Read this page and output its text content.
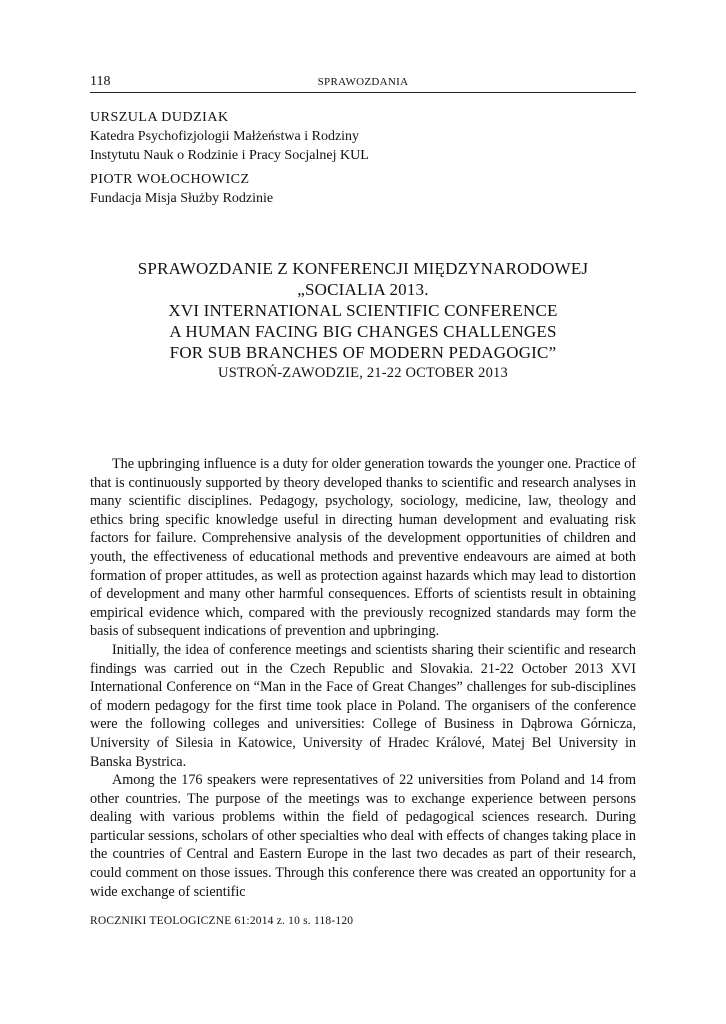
118	SPRAWOZDANIA
URSZULA DUDZIAK
Katedra Psychofizjologii Małżeństwa i Rodziny
Instytutu Nauk o Rodzinie i Pracy Socjalnej KUL
PIOTR WOŁOCHOWICZ
Fundacja Misja Służby Rodzinie
SPRAWOZDANIE Z KONFERENCJI MIĘDZYNARODOWEJ
„SOCIALIA 2013.
XVI INTERNATIONAL SCIENTIFIC CONFERENCE
A HUMAN FACING BIG CHANGES CHALLENGES
FOR SUB BRANCHES OF MODERN PEDAGOGIC”
USTROŃ-ZAWODZIE, 21-22 OCTOBER 2013

The upbringing influence is a duty for older generation towards the younger one. Practice of that is continuously supported by theory developed thanks to scientific and research analyses in many scientific disciplines. Pedagogy, psychology, sociology, medicine, law, theology and ethics bring specific knowledge useful in directing human development and evaluating risk factors for failure. Comprehensive analysis of the development opportunities of children and youth, the effectiveness of educational methods and preventive endeavours are aimed at both formation of proper attitudes, as well as protection against hazards which may lead to distortion of development and many other harmful consequences. Efforts of scientists result in obtaining empirical evidence which, compared with the previously recognized standards may form the basis of subsequent indications of prevention and upbringing.

Initially, the idea of conference meetings and scientists sharing their scientific and research findings was carried out in the Czech Republic and Slovakia. 21-22 October 2013 XVI International Conference on “Man in the Face of Great Changes” challenges for sub-disciplines of modern pedagogy for the first time took place in Poland. The organisers of the conference were the following colleges and universities: College of Business in Dąbrowa Górnicza, University of Silesia in Katowice, University of Hradec Králové, Matej Bel University in Banska Bystrica.

Among the 176 speakers were representatives of 22 universities from Poland and 14 from other countries. The purpose of the meetings was to exchange experience between persons dealing with various problems within the field of pedagogical sciences research. During particular sessions, scholars of other specialties who deal with effects of changes taking place in the countries of Central and Eastern Europe in the last two decades as part of their research, could comment on those issues. Through this conference there was created an opportunity for a wide exchange of scientific

ROCZNIKI TEOLOGICZNE 61:2014 z. 10 s. 118-120
